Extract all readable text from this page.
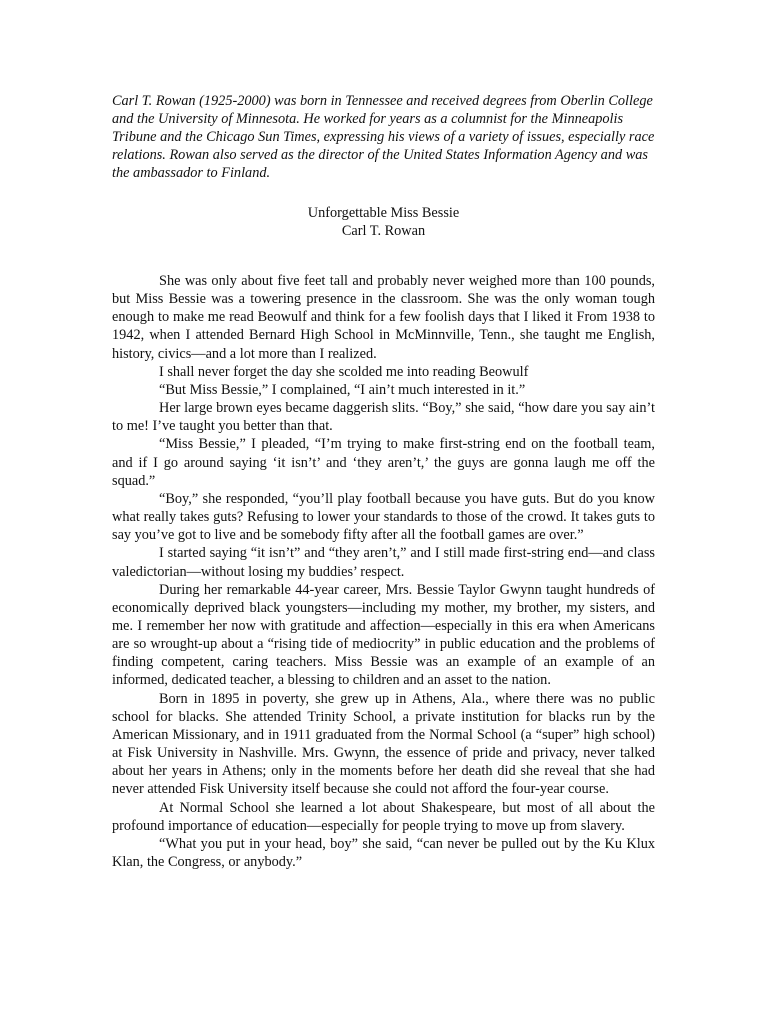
Carl T. Rowan (1925-2000) was born in Tennessee and received degrees from Oberlin College and the University of Minnesota. He worked for years as a columnist for the Minneapolis Tribune and the Chicago Sun Times, expressing his views of a variety of issues, especially race relations. Rowan also served as the director of the United States Information Agency and was the ambassador to Finland.

Unforgettable Miss Bessie
Carl T. Rowan

She was only about five feet tall and probably never weighed more than 100 pounds, but Miss Bessie was a towering presence in the classroom. She was the only woman tough enough to make me read Beowulf and think for a few foolish days that I liked it From 1938 to 1942, when I attended Bernard High School in McMinnville, Tenn., she taught me English, history, civics—and a lot more than I realized.

I shall never forget the day she scolded me into reading Beowulf

“But Miss Bessie,” I complained, “I ain’t much interested in it.”

Her large brown eyes became daggerish slits. “Boy,” she said, “how dare you say ain’t to me! I’ve taught you better than that.

“Miss Bessie,” I pleaded, “I’m trying to make first-string end on the football team, and if I go around saying ‘it isn’t’ and ‘they aren’t,’ the guys are gonna laugh me off the squad.”

“Boy,” she responded, “you’ll play football because you have guts. But do you know what really takes guts? Refusing to lower your standards to those of the crowd. It takes guts to say you’ve got to live and be somebody fifty after all the football games are over.”

I started saying “it isn’t” and “they aren’t,” and I still made first-string end—and class valedictorian—without losing my buddies’ respect.

During her remarkable 44-year career, Mrs. Bessie Taylor Gwynn taught hundreds of economically deprived black youngsters—including my mother, my brother, my sisters, and me. I remember her now with gratitude and affection—especially in this era when Americans are so wrought-up about a “rising tide of mediocrity” in public education and the problems of finding competent, caring teachers. Miss Bessie was an example of an example of an informed, dedicated teacher, a blessing to children and an asset to the nation.

Born in 1895 in poverty, she grew up in Athens, Ala., where there was no public school for blacks. She attended Trinity School, a private institution for blacks run by the American Missionary, and in 1911 graduated from the Normal School (a “super” high school) at Fisk University in Nashville. Mrs. Gwynn, the essence of pride and privacy, never talked about her years in Athens; only in the moments before her death did she reveal that she had never attended Fisk University itself because she could not afford the four-year course.

At Normal School she learned a lot about Shakespeare, but most of all about the profound importance of education—especially for people trying to move up from slavery.

“What you put in your head, boy” she said, “can never be pulled out by the Ku Klux Klan, the Congress, or anybody.”
